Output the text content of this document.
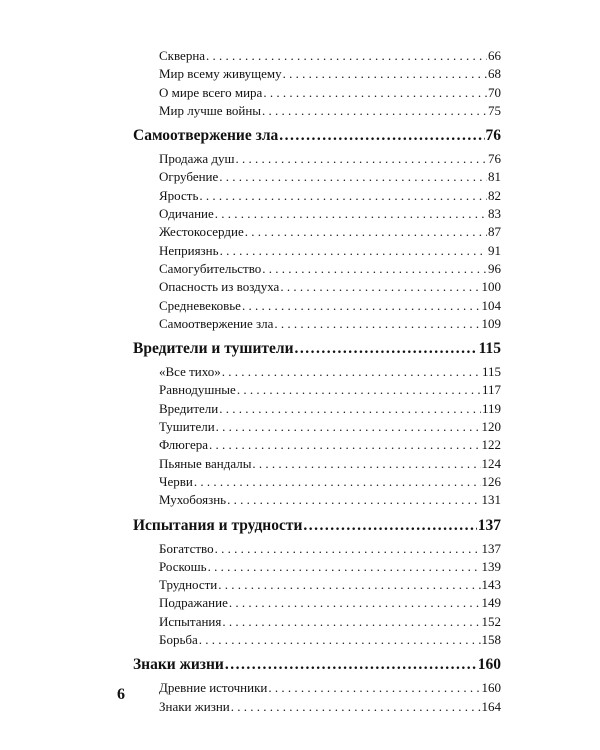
Скверна . . .	66
Мир всему живущему . . .	68
О мире всего мира . . .	70
Мир лучше войны . . .	75
Самоотвержение зла .....	76
Продажа душ . . .	76
Огрубение . . .	81
Ярость . . .	82
Одичание . . .	83
Жестокосердие . . .	87
Неприязнь . . .	91
Самогубительство . . .	96
Опасность из воздуха . . .	100
Средневековье . . .	104
Самоотвержение зла . . .	109
Вредители и тушители .....	115
«Все тихо» . . .	115
Равнодушные . . .	117
Вредители . . .	119
Тушители . . .	120
Флюгера . . .	122
Пьяные вандалы . . .	124
Черви . . .	126
Мухобоязнь . . .	131
Испытания и трудности .....	137
Богатство . . .	137
Роскошь . . .	139
Трудности . . .	143
Подражание . . .	149
Испытания . . .	152
Борьба . . .	158
Знаки жизни .....	160
Древние источники . . .	160
Знаки жизни . . .	164
6
